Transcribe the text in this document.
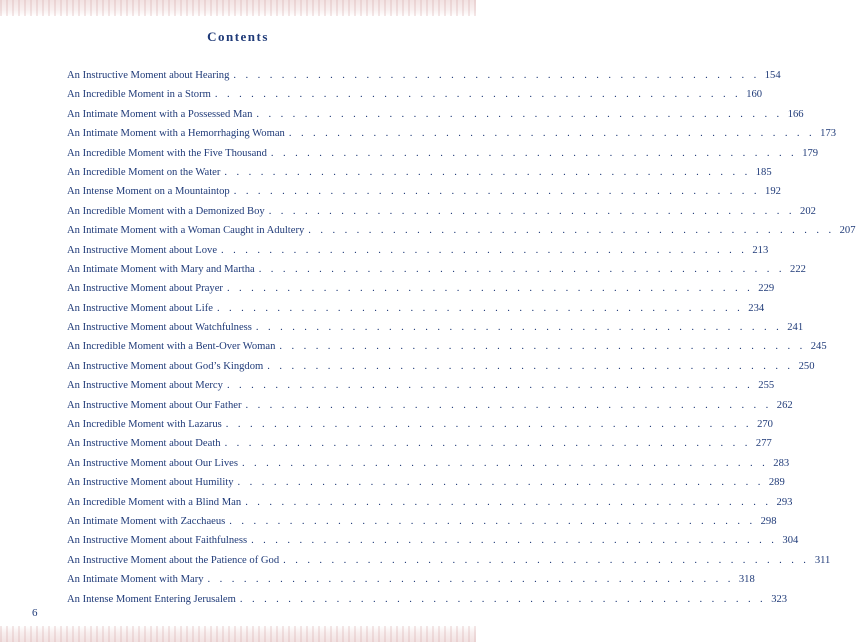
Contents
An Instructive Moment about Hearing . . . . . . . . . . . . . . . . . . . . . . . . . . . . . . . . . . . . . . . . . . . . 154
An Incredible Moment in a Storm . . . . . . . . . . . . . . . . . . . . . . . . . . . . . . . . . . . . . . . . . . . . 160
An Intimate Moment with a Possessed Man . . . . . . . . . . . . . . . . . . . . . . . . . . . . . . . . . . . . . . . . . . . . 166
An Intimate Moment with a Hemorrhaging Woman . . . . . . . . . . . . . . . . . . . . . . . . . . . . . . . . . . . . . . . . . . . . 173
An Incredible Moment with the Five Thousand . . . . . . . . . . . . . . . . . . . . . . . . . . . . . . . . . . . . . . . . . . . . 179
An Incredible Moment on the Water . . . . . . . . . . . . . . . . . . . . . . . . . . . . . . . . . . . . . . . . . . . . 185
An Intense Moment on a Mountaintop . . . . . . . . . . . . . . . . . . . . . . . . . . . . . . . . . . . . . . . . . . . . 192
An Incredible Moment with a Demonized Boy . . . . . . . . . . . . . . . . . . . . . . . . . . . . . . . . . . . . . . . . . . . . 202
An Intimate Moment with a Woman Caught in Adultery . . . . . . . . . . . . . . . . . . . . . . . . . . . . . . . . . . . . . . . . . . . . 207
An Instructive Moment about Love . . . . . . . . . . . . . . . . . . . . . . . . . . . . . . . . . . . . . . . . . . . . 213
An Intimate Moment with Mary and Martha . . . . . . . . . . . . . . . . . . . . . . . . . . . . . . . . . . . . . . . . . . . . 222
An Instructive Moment about Prayer . . . . . . . . . . . . . . . . . . . . . . . . . . . . . . . . . . . . . . . . . . . . 229
An Instructive Moment about Life . . . . . . . . . . . . . . . . . . . . . . . . . . . . . . . . . . . . . . . . . . . . 234
An Instructive Moment about Watchfulness . . . . . . . . . . . . . . . . . . . . . . . . . . . . . . . . . . . . . . . . . . . . 241
An Incredible Moment with a Bent-Over Woman . . . . . . . . . . . . . . . . . . . . . . . . . . . . . . . . . . . . . . . . . . . . 245
An Instructive Moment about God’s Kingdom . . . . . . . . . . . . . . . . . . . . . . . . . . . . . . . . . . . . . . . . . . . . 250
An Instructive Moment about Mercy . . . . . . . . . . . . . . . . . . . . . . . . . . . . . . . . . . . . . . . . . . . . 255
An Instructive Moment about Our Father . . . . . . . . . . . . . . . . . . . . . . . . . . . . . . . . . . . . . . . . . . . . 262
An Incredible Moment with Lazarus . . . . . . . . . . . . . . . . . . . . . . . . . . . . . . . . . . . . . . . . . . . . 270
An Instructive Moment about Death . . . . . . . . . . . . . . . . . . . . . . . . . . . . . . . . . . . . . . . . . . . . 277
An Instructive Moment about Our Lives . . . . . . . . . . . . . . . . . . . . . . . . . . . . . . . . . . . . . . . . . . . . 283
An Instructive Moment about Humility . . . . . . . . . . . . . . . . . . . . . . . . . . . . . . . . . . . . . . . . . . . . 289
An Incredible Moment with a Blind Man . . . . . . . . . . . . . . . . . . . . . . . . . . . . . . . . . . . . . . . . . . . . 293
An Intimate Moment with Zacchaeus . . . . . . . . . . . . . . . . . . . . . . . . . . . . . . . . . . . . . . . . . . . . 298
An Instructive Moment about Faithfulness . . . . . . . . . . . . . . . . . . . . . . . . . . . . . . . . . . . . . . . . . . . . 304
An Instructive Moment about the Patience of God . . . . . . . . . . . . . . . . . . . . . . . . . . . . . . . . . . . . . . . . . . . . 311
An Intimate Moment with Mary . . . . . . . . . . . . . . . . . . . . . . . . . . . . . . . . . . . . . . . . . . . . 318
An Intense Moment Entering Jerusalem . . . . . . . . . . . . . . . . . . . . . . . . . . . . . . . . . . . . . . . . . . . . 323
6
